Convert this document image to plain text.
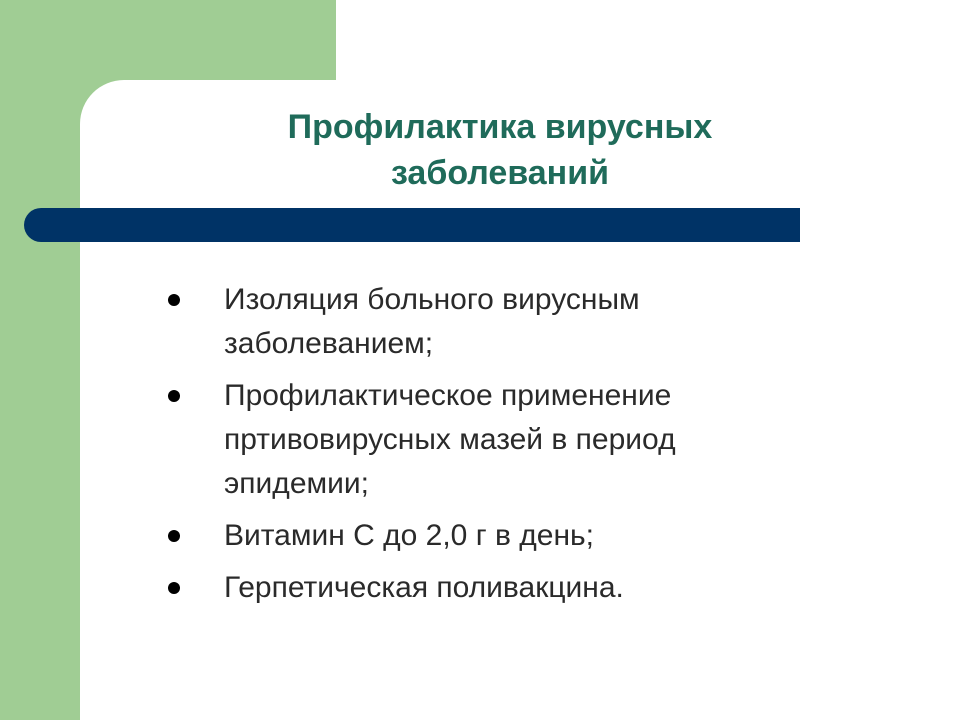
Профилактика вирусных
заболеваний
Изоляция больного вирусным
заболеванием;
Профилактическое применение
пртивовирусных мазей в период
эпидемии;
Витамин С до 2,0 г в день;
Герпетическая поливакцина.
